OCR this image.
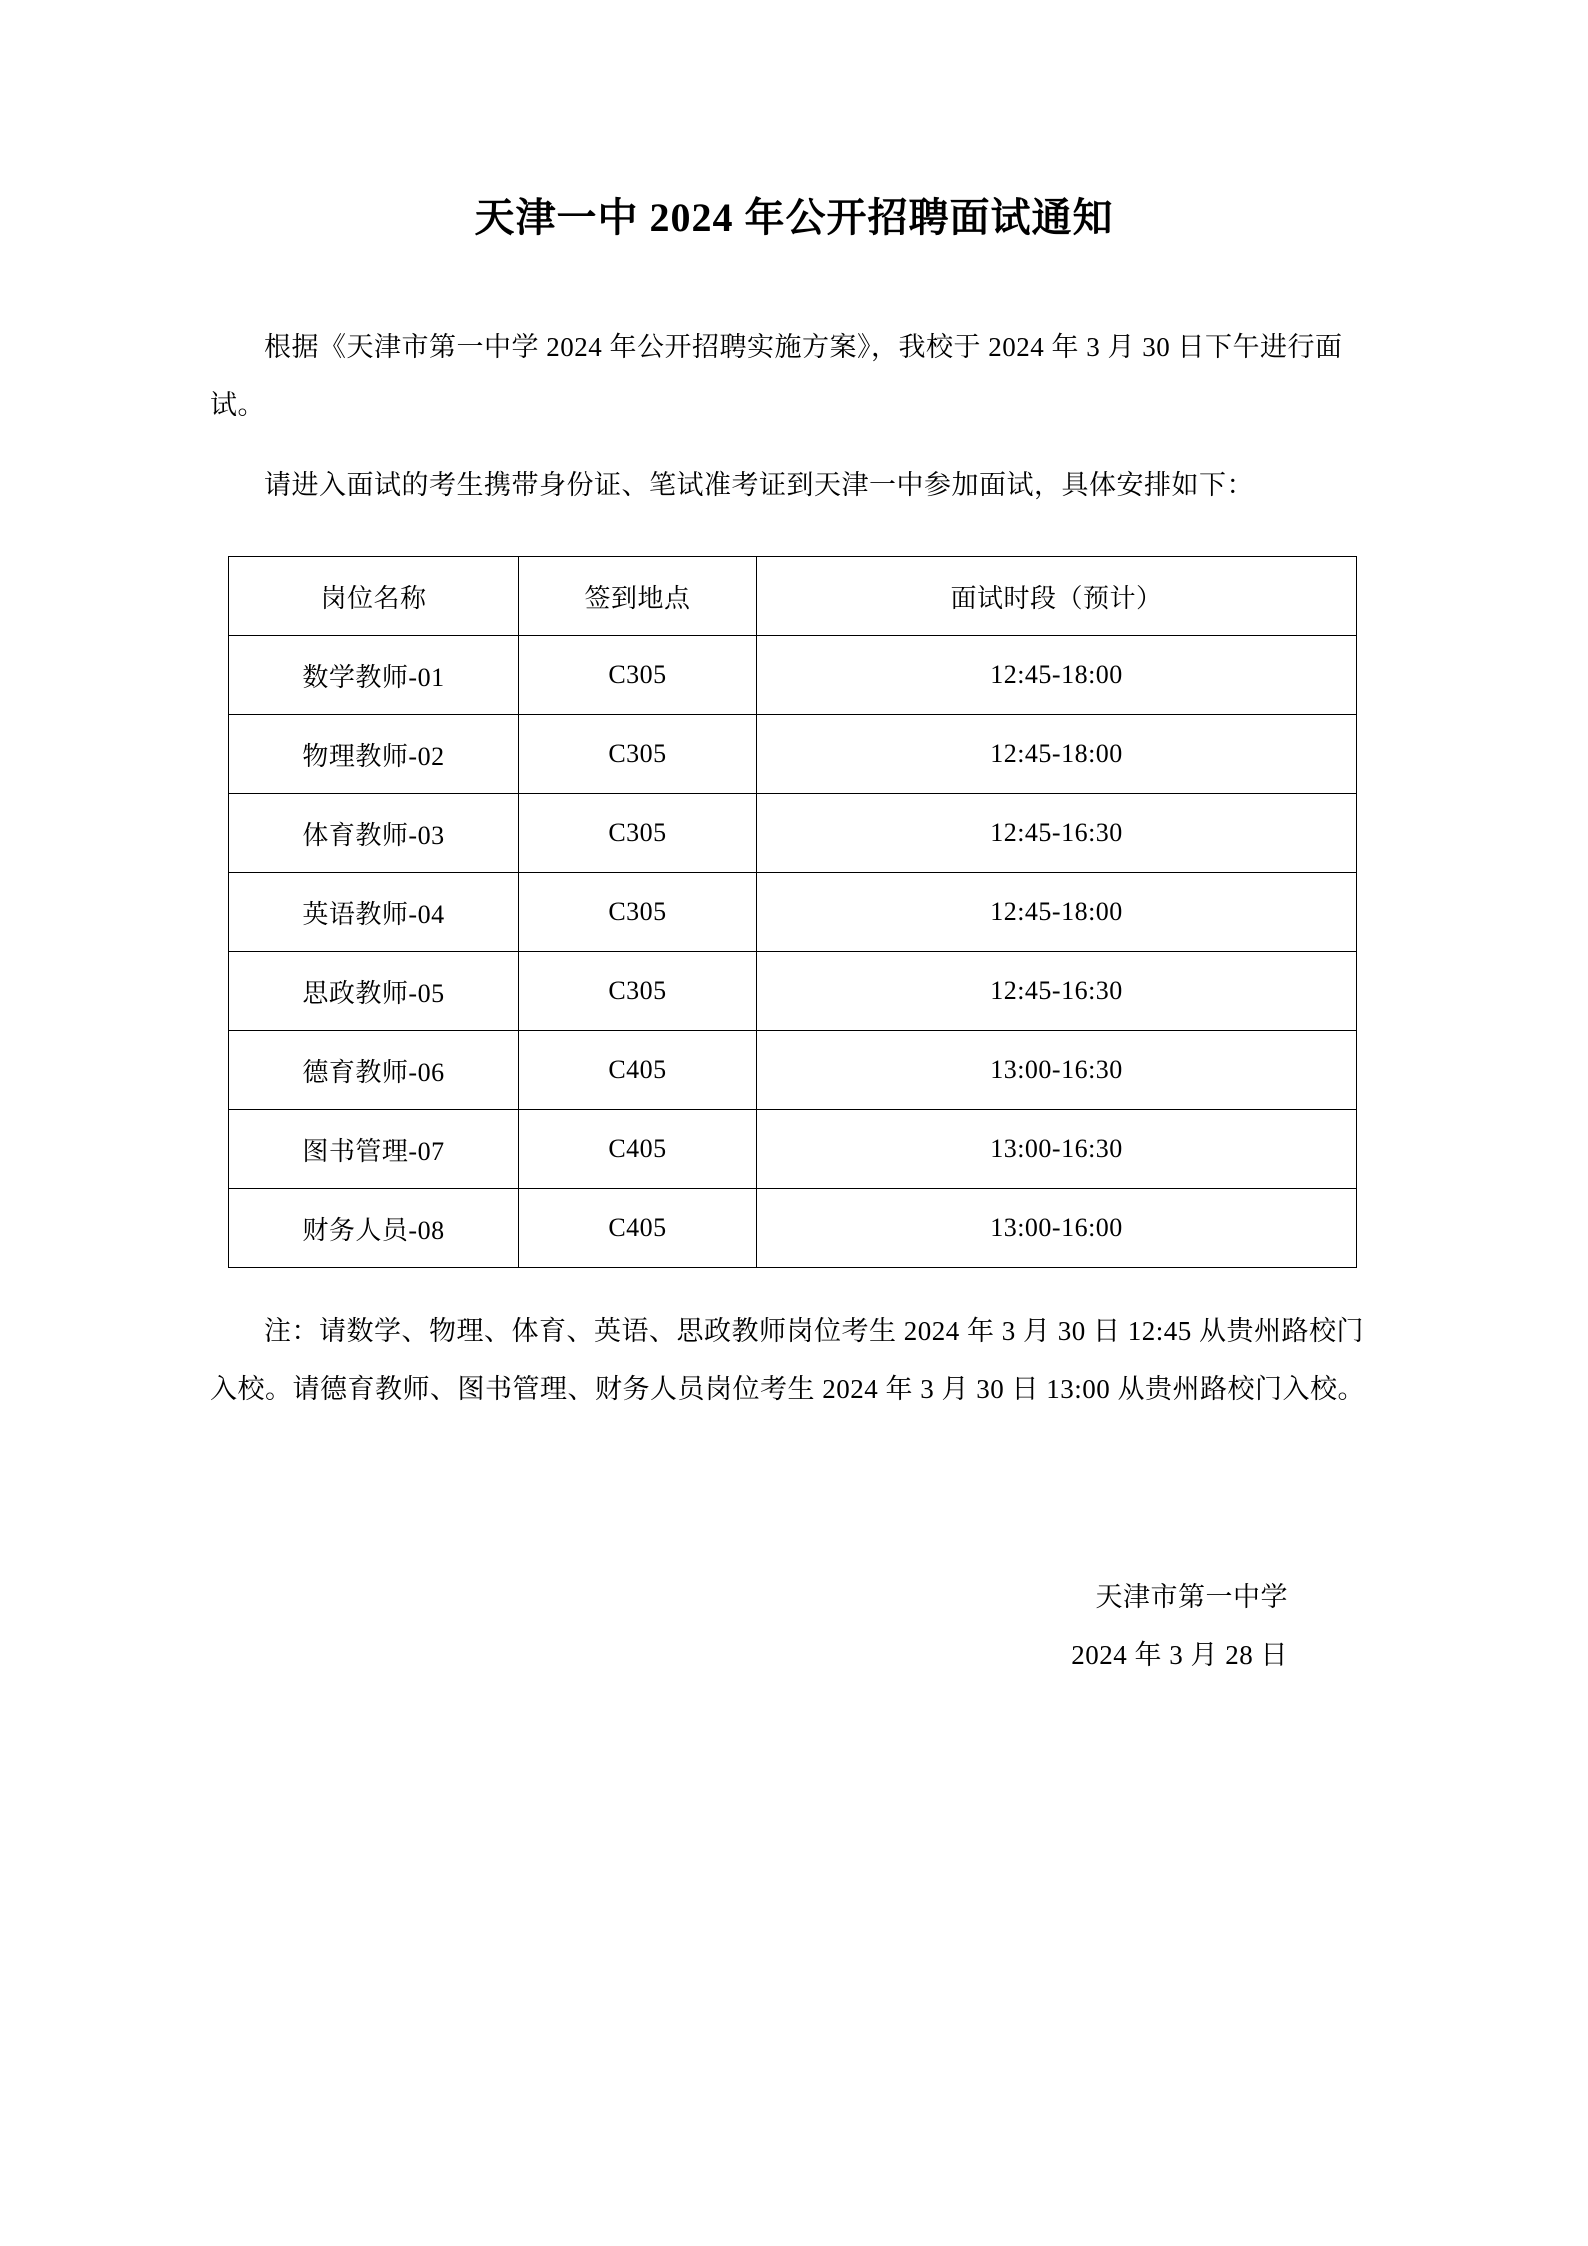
天津一中 2024 年公开招聘面试通知

根据《天津市第一中学 2024 年公开招聘实施方案》，我校于 2024 年 3 月 30 日下午进行面试。

请进入面试的考生携带身份证、笔试准考证到天津一中参加面试，具体安排如下：

岗位名称	签到地点	面试时段（预计）
数学教师-01	C305	12:45-18:00
物理教师-02	C305	12:45-18:00
体育教师-03	C305	12:45-16:30
英语教师-04	C305	12:45-18:00
思政教师-05	C305	12:45-16:30
德育教师-06	C405	13:00-16:30
图书管理-07	C405	13:00-16:30
财务人员-08	C405	13:00-16:00

注：请数学、物理、体育、英语、思政教师岗位考生 2024 年 3 月 30 日 12:45 从贵州路校门入校。请德育教师、图书管理、财务人员岗位考生 2024 年 3 月 30 日 13:00 从贵州路校门入校。

天津市第一中学
2024 年 3 月 28 日
